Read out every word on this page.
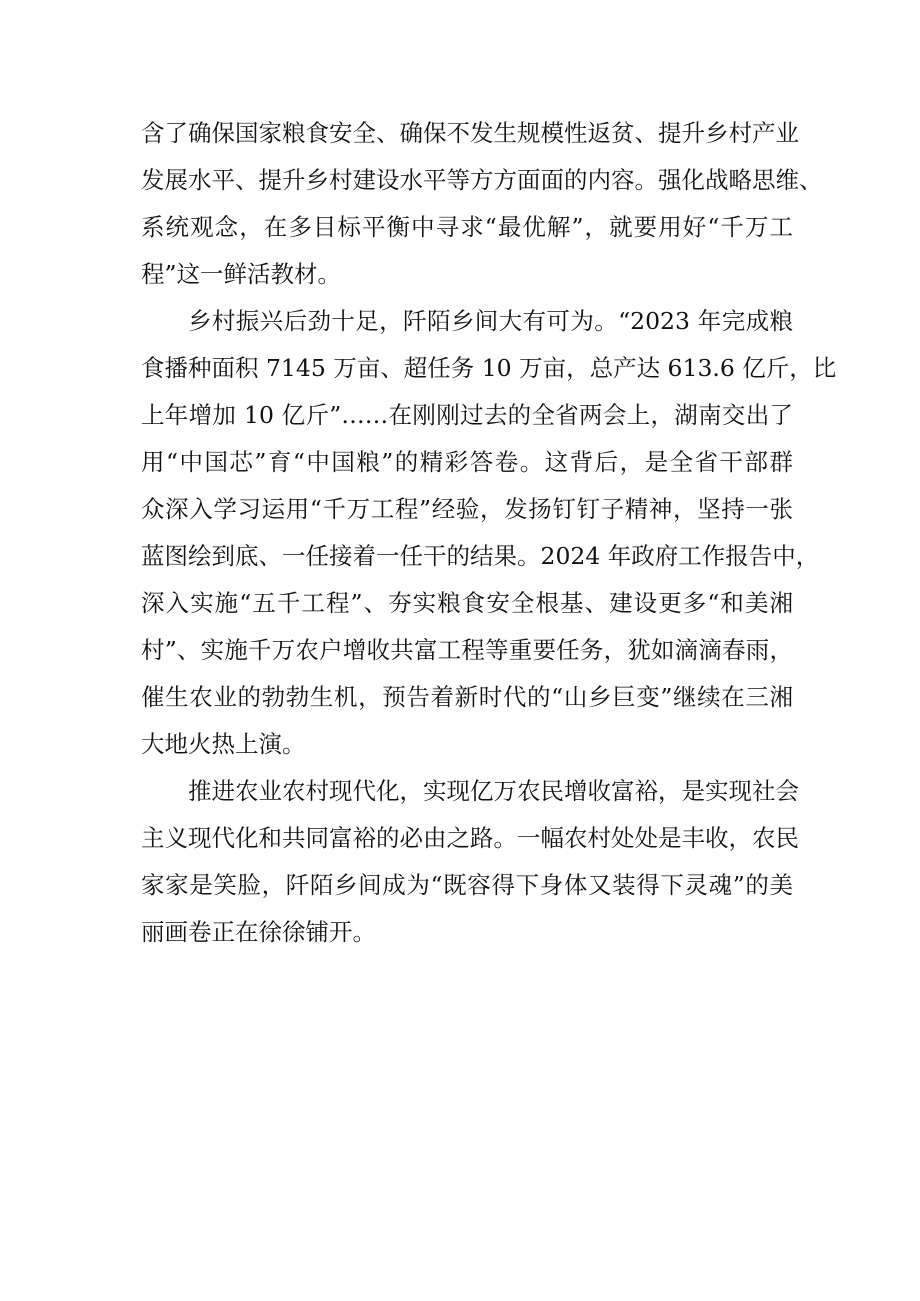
含了确保国家粮食安全、确保不发生规模性返贫、提升乡村产业
发展水平、提升乡村建设水平等方方面面的内容。强化战略思维、
系统观念，在多目标平衡中寻求“最优解”，就要用好“千万工
程”这一鲜活教材。
乡村振兴后劲十足，阡陌乡间大有可为。“2023 年完成粮
食播种面积 7145 万亩、超任务 10 万亩，总产达 613.6 亿斤，比
上年增加 10 亿斤”……在刚刚过去的全省两会上，湖南交出了
用“中国芯”育“中国粮”的精彩答卷。这背后，是全省干部群
众深入学习运用“千万工程”经验，发扬钉钉子精神，坚持一张
蓝图绘到底、一任接着一任干的结果。2024 年政府工作报告中，
深入实施“五千工程”、夯实粮食安全根基、建设更多“和美湘
村”、实施千万农户增收共富工程等重要任务，犹如滴滴春雨，
催生农业的勃勃生机，预告着新时代的“山乡巨变”继续在三湘
大地火热上演。
推进农业农村现代化，实现亿万农民增收富裕，是实现社会
主义现代化和共同富裕的必由之路。一幅农村处处是丰收，农民
家家是笑脸，阡陌乡间成为“既容得下身体又装得下灵魂”的美
丽画卷正在徐徐铺开。
